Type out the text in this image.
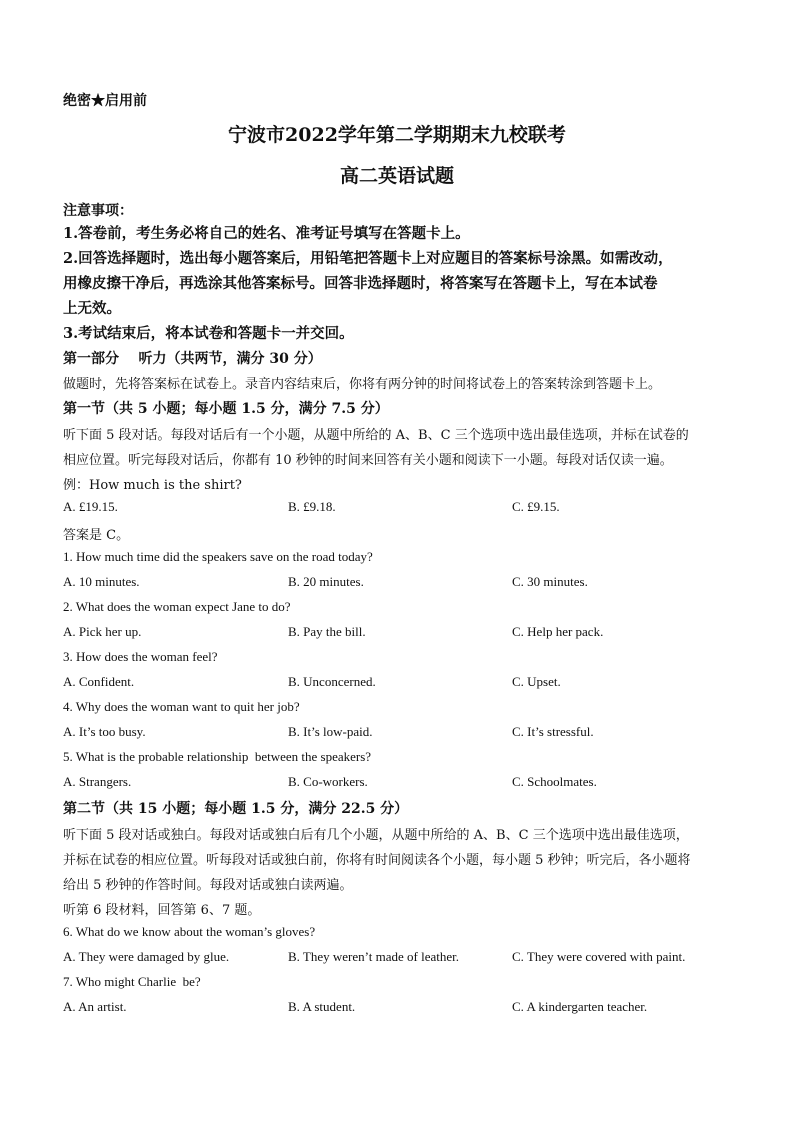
绝密★启用前
宁波市2022学年第二学期期末九校联考
高二英语试题
注意事项：
1.答卷前，考生务必将自己的姓名、准考证号填写在答题卡上。
2.回答选择题时，选出每小题答案后，用铅笔把答题卡上对应题目的答案标号涂黑。如需改动，
用橡皮擦干净后，再选涂其他答案标号。回答非选择题时，将答案写在答题卡上，写在本试卷
上无效。
3.考试结束后，将本试卷和答题卡一并交回。
第一部分    听力（共两节，满分 30 分）
做题时，先将答案标在试卷上。录音内容结束后，你将有两分钟的时间将试卷上的答案转涂到答题卡上。
第一节（共 5 小题；每小题 1.5 分，满分 7.5 分）
听下面 5 段对话。每段对话后有一个小题，从题中所给的 A、B、C 三个选项中选出最佳选项，并标在试卷的
相应位置。听完每段对话后，你都有 10 秒钟的时间来回答有关小题和阅读下一小题。每段对话仅读一遍。
例：How much is the shirt?
A. £19.15.	B. £9.18.	C. £9.15.
答案是 C。
1. How much time did the speakers save on the road today?
A. 10 minutes.	B. 20 minutes.	C. 30 minutes.
2. What does the woman expect Jane to do?
A. Pick her up.	B. Pay the bill.	C. Help her pack.
3. How does the woman feel?
A. Confident.	B. Unconcerned.	C. Upset.
4. Why does the woman want to quit her job?
A. It’s too busy.	B. It’s low-paid.	C. It’s stressful.
5. What is the probable relationship  between the speakers?
A. Strangers.	B. Co-workers.	C. Schoolmates.
第二节（共 15 小题；每小题 1.5 分，满分 22.5 分）
听下面 5 段对话或独白。每段对话或独白后有几个小题，从题中所给的 A、B、C 三个选项中选出最佳选项，
并标在试卷的相应位置。听每段对话或独白前，你将有时间阅读各个小题，每小题 5 秒钟；听完后，各小题将
给出 5 秒钟的作答时间。每段对话或独白读两遍。
听第 6 段材料，回答第 6、7 题。
6. What do we know about the woman’s gloves?
A. They were damaged by glue.	B. They weren’t made of leather.	C. They were covered with paint.
7. Who might Charlie  be?
A. An artist.	B. A student.	C. A kindergarten teacher.
